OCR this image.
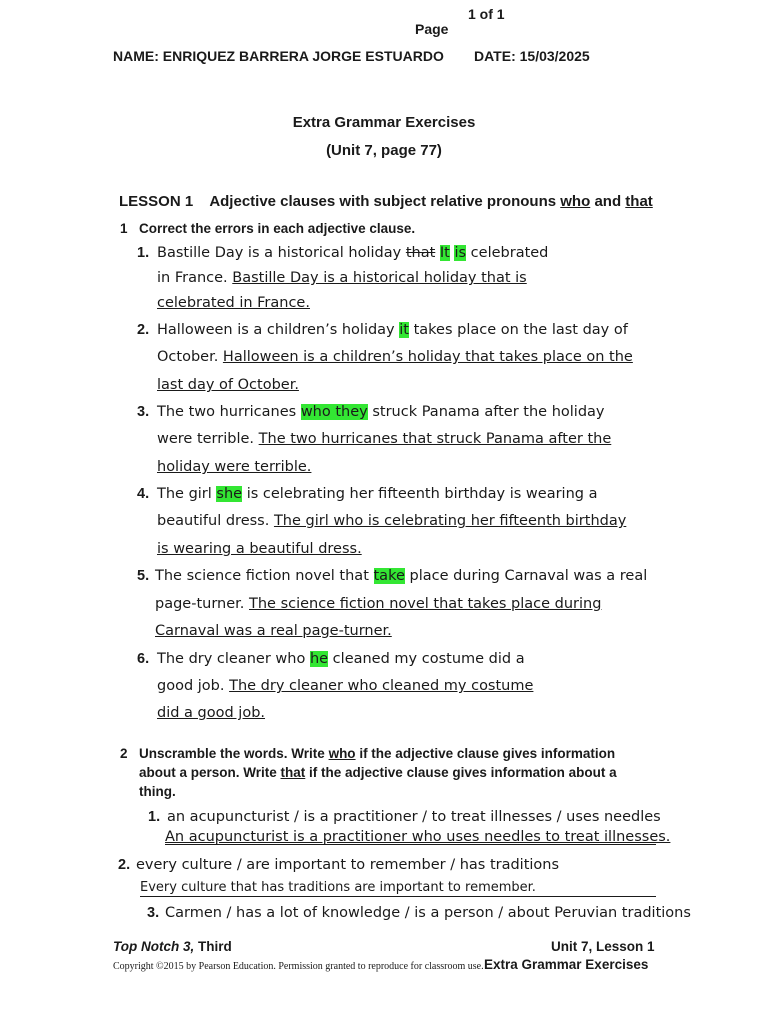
1 of 1
Page
NAME: ENRIQUEZ BARRERA JORGE ESTUARDO DATE: 15/03/2025
Extra Grammar Exercises
(Unit 7, page 77)
LESSON 1 Adjective clauses with subject relative pronouns who and that
1 Correct the errors in each adjective clause.
1. Bastille Day is a historical holiday that It is celebrated
in France. Bastille Day is a historical holiday that is
celebrated in France.
2. Halloween is a children’s holiday it takes place on the last day of
October. Halloween is a children’s holiday that takes place on the
last day of October.
3. The two hurricanes who they struck Panama after the holiday
were terrible. The two hurricanes that struck Panama after the
holiday were terrible.
4. The girl she is celebrating her fifteenth birthday is wearing a
beautiful dress. The girl who is celebrating her fifteenth birthday
is wearing a beautiful dress.
5. The science fiction novel that take place during Carnaval was a real
page-turner. The science fiction novel that takes place during
Carnaval was a real page-turner.
6. The dry cleaner who he cleaned my costume did a
good job. The dry cleaner who cleaned my costume
did a good job.
2 Unscramble the words. Write who if the adjective clause gives information
about a person. Write that if the adjective clause gives information about a
thing.
1. an acupuncturist / is a practitioner / to treat illnesses / uses needles
An acupuncturist is a practitioner who uses needles to treat illnesses.
2. every culture / are important to remember / has traditions
Every culture that has traditions are important to remember.
3. Carmen / has a lot of knowledge / is a person / about Peruvian traditions
Top Notch 3, Third	Unit 7, Lesson 1
Copyright ©2015 by Pearson Education. Permission granted to reproduce for classroom use. Extra Grammar Exercises
